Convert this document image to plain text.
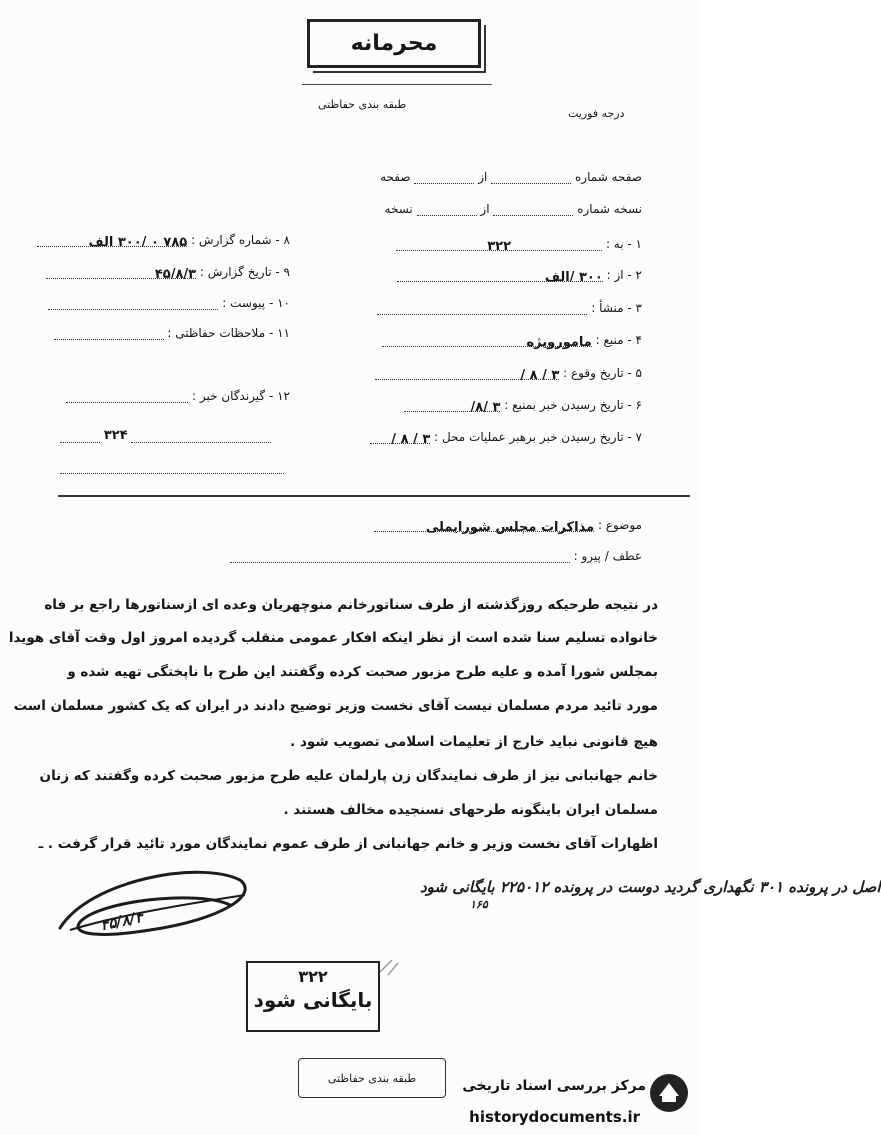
محرمانه
درجه فوریت
طبقه بندی حفاظتی
صفحه شماره  از  صفحه
نسخه شماره  از  نسخه
۱ - به : ۳۲۲
۲ - از : ۳۰۰ /الف
۳ - منشأ :
۴ - منبع : مامورویژه
۵ - تاریخ وقوع : ۳ / ۸ /
۶ - تاریخ رسیدن خبر بمنبع : ۳ /۸/
۷ - تاریخ رسیدن خبر برهبر عملیات محل : ۳ / ۸ /
۸ - شماره گزارش : ۷۸۵ ۰ /۳۰۰ الف
۹ - تاریخ گزارش : ۴۵/۸/۳
۱۰ - پیوست :
۱۱ - ملاحظات حفاظتی :
۱۲ - گیرندگان خبر :
۳۲۴
موضوع : مذاکرات مجلس شورایملی
عطف / پیرو :
در نتیجه طرحیکه روزگذشته از طرف سناتورخانم منوچهریان وعده ای ازسناتورها راجع بر فاه
خانواده تسلیم سنا شده است از نظر اینکه افکار عمومی منقلب گردیده امروز اول وقت آقای هویدا
بمجلس شورا آمده و علیه طرح مزبور صحبت کرده وگفتند این طرح با ناپختگی تهیه شده و
مورد تائید مردم مسلمان نیست آقای نخست وزیر توضیح دادند در ایران که یک کشور مسلمان است
هیچ قانونی نباید خارج از تعلیمات اسلامی تصویب شود .
خانم جهانبانی نیز از طرف نمایندگان زن پارلمان علیه طرح مزبور صحبت کرده وگفتند که زنان
مسلمان ایران باینگونه طرحهای نسنجیده مخالف هستند .
اظهارات آقای نخست وزیر و خانم جهانبانی از طرف عموم نمایندگان مورد تائید قرار گرفت . ـ
اصل در پرونده ۳۰۱ نگهداری گردید دوست در پرونده ۲۲۵۰۱۲ بایگانی شود
۱۶۵
۴۵/۸/۴
۳۲۲
بایگانی شود
طبقه بندی حفاظتی	مرکز بررسی اسناد تاریخی
historydocuments.ir
